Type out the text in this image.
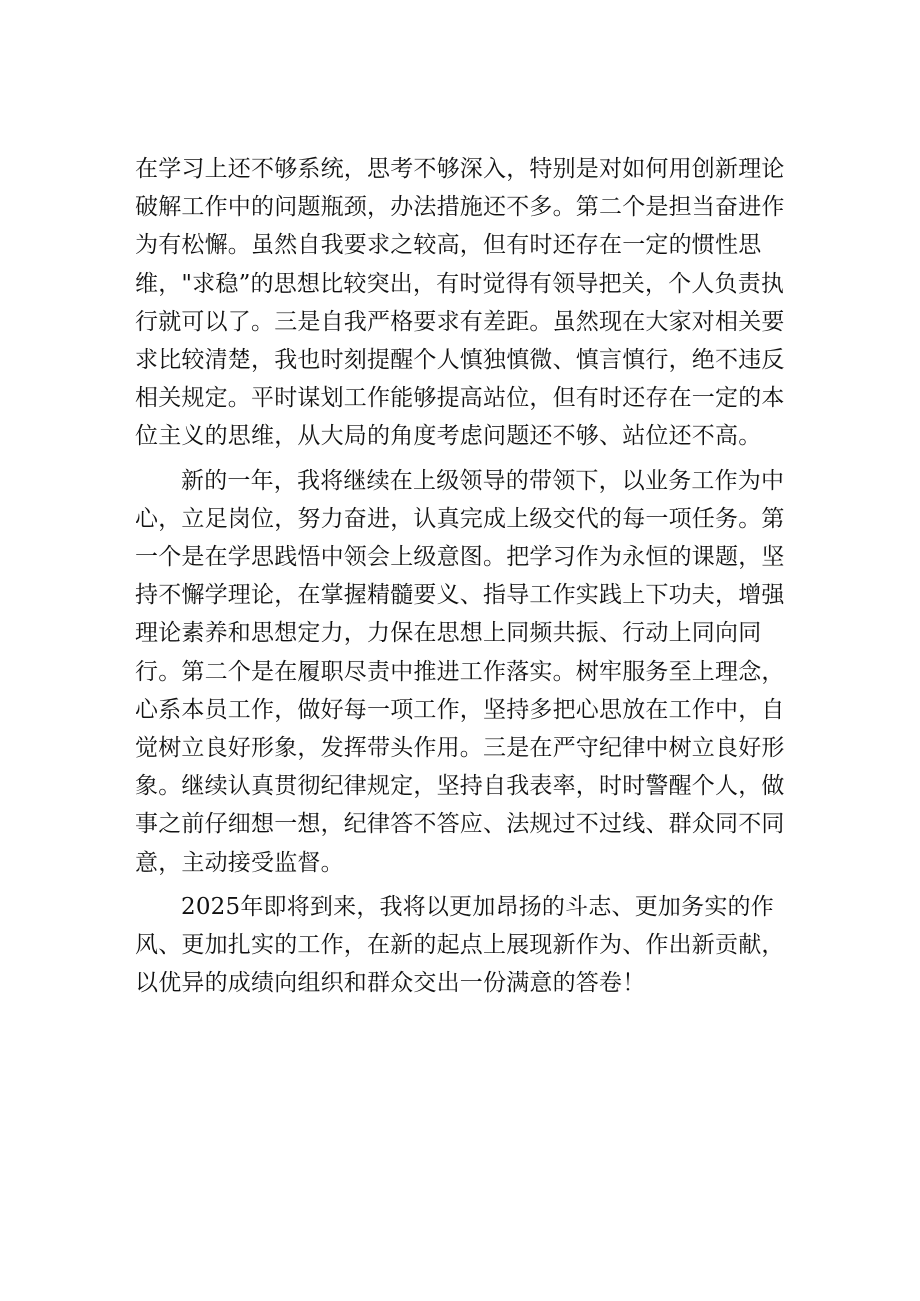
在学习上还不够系统，思考不够深入，特别是对如何用创新理论破解工作中的问题瓶颈，办法措施还不多。第二个是担当奋进作为有松懈。虽然自我要求之较高，但有时还存在一定的惯性思维，"求稳”的思想比较突出，有时觉得有领导把关，个人负责执行就可以了。三是自我严格要求有差距。虽然现在大家对相关要求比较清楚，我也时刻提醒个人慎独慎微、慎言慎行，绝不违反相关规定。平时谋划工作能够提高站位，但有时还存在一定的本位主义的思维，从大局的角度考虑问题还不够、站位还不高。

新的一年，我将继续在上级领导的带领下，以业务工作为中心，立足岗位，努力奋进，认真完成上级交代的每一项任务。第一个是在学思践悟中领会上级意图。把学习作为永恒的课题，坚持不懈学理论，在掌握精髓要义、指导工作实践上下功夫，增强理论素养和思想定力，力保在思想上同频共振、行动上同向同行。第二个是在履职尽责中推进工作落实。树牢服务至上理念，心系本员工作，做好每一项工作，坚持多把心思放在工作中，自觉树立良好形象，发挥带头作用。三是在严守纪律中树立良好形象。继续认真贯彻纪律规定，坚持自我表率，时时警醒个人，做事之前仔细想一想，纪律答不答应、法规过不过线、群众同不同意，主动接受监督。

2025年即将到来，我将以更加昂扬的斗志、更加务实的作风、更加扎实的工作，在新的起点上展现新作为、作出新贡献，以优异的成绩向组织和群众交出一份满意的答卷！
